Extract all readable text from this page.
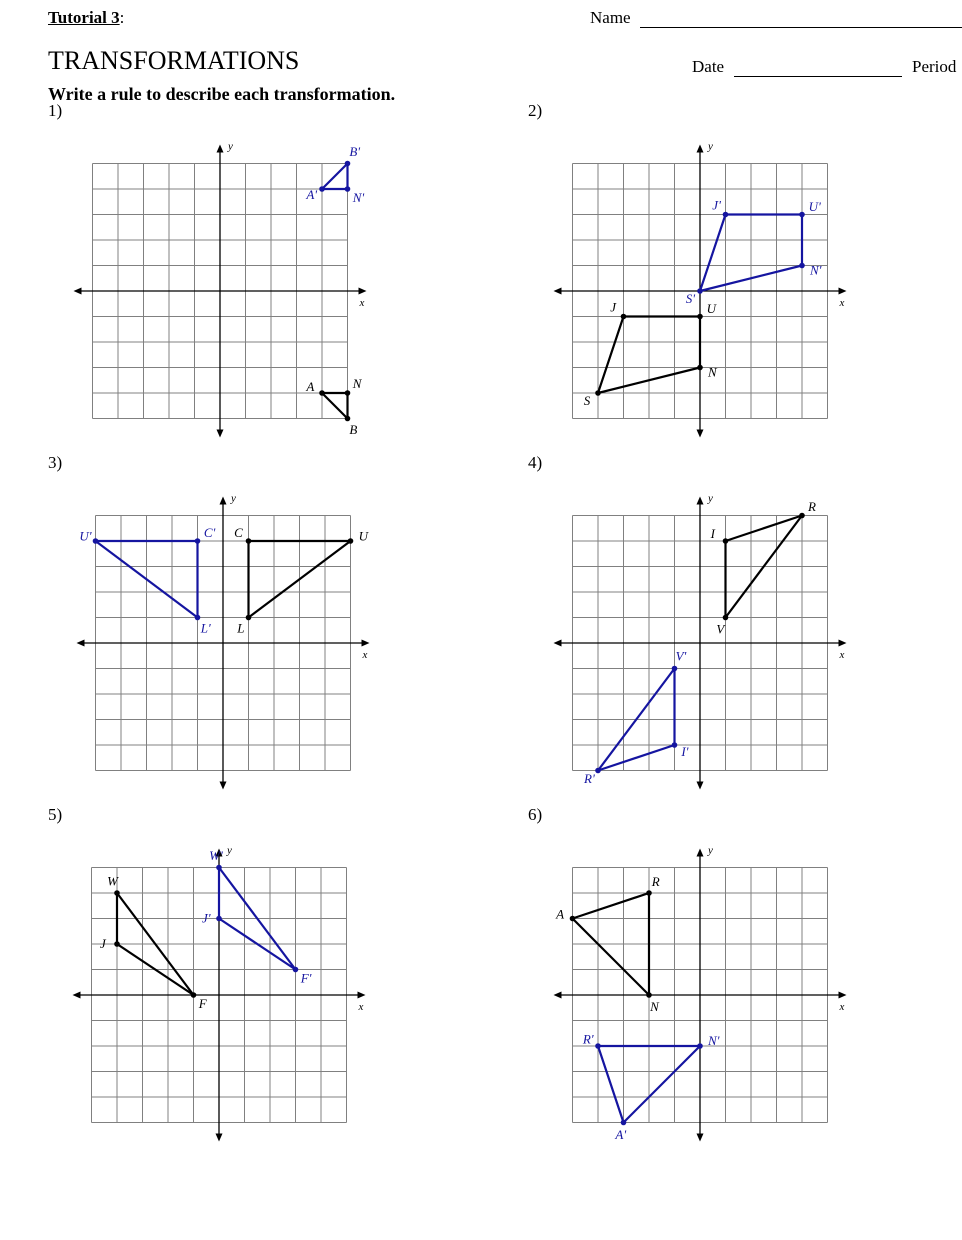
Tutorial 3:	Name
TRANSFORMATIONS	Date	Period
Write a rule to describe each transformation.
1)
x
y
A	N
B
A'
B'
N'
2)
x
y
J	U
N
S
J'	U'
N'
S'
3)
x
y
C	U
L
U'	C'
L'
4)
x
y
I
R
V
V'
I'
R'
5)
x
y
W
F
J
W'
F'
J'
6)
x
y
A
R
N
R'	N'
A'
